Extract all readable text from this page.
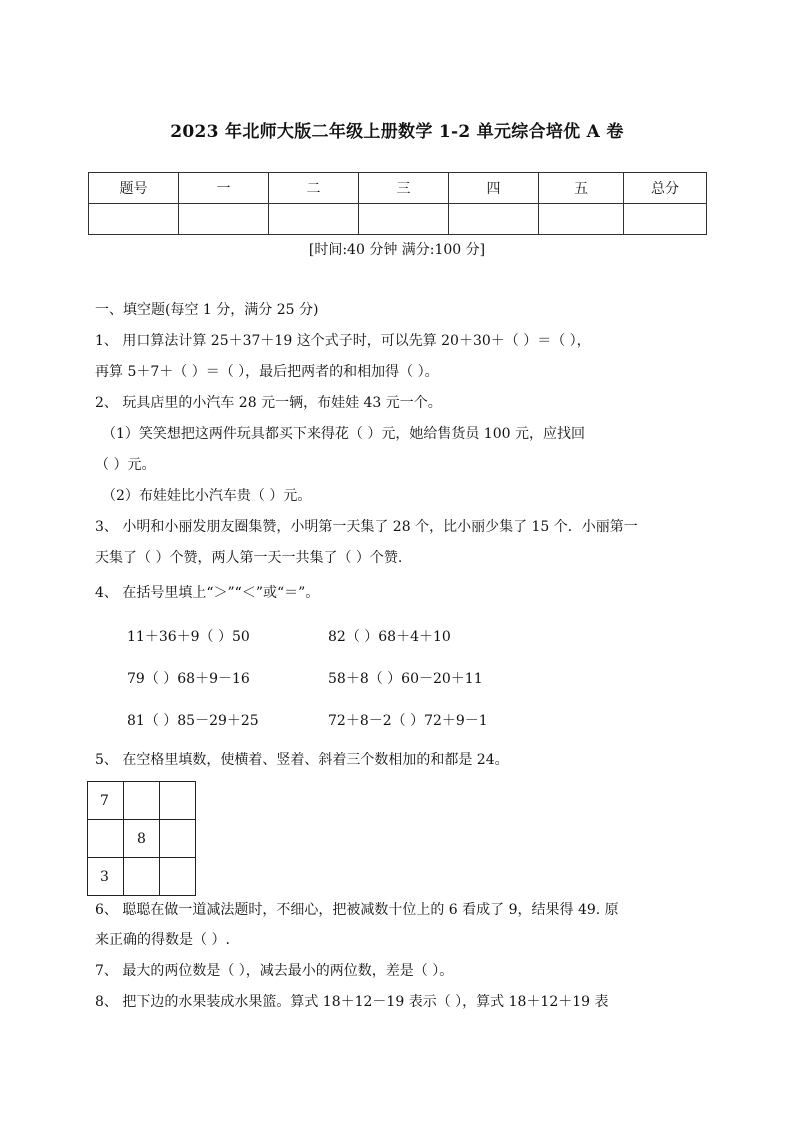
2023 年北师大版二年级上册数学 1-2 单元综合培优 A 卷
题号	一	二	三	四	五	总分

[时间:40 分钟 满分:100 分]
一、填空题(每空 1 分，满分 25 分)
1、 用口算法计算 25＋37＋19 这个式子时，可以先算 20＋30＋（ ）＝（ ），
再算 5＋7＋（ ）＝（ ），最后把两者的和相加得（ ）。
2、 玩具店里的小汽车 28 元一辆，布娃娃 43 元一个。
（1）笑笑想把这两件玩具都买下来得花（ ）元，她给售货员 100 元，应找回
（ ）元。
（2）布娃娃比小汽车贵（ ）元。
3、 小明和小丽发朋友圈集赞，小明第一天集了 28 个，比小丽少集了 15 个．小丽第一
天集了（ ）个赞，两人第一天一共集了（ ）个赞.
4、 在括号里填上“＞”“＜”或“＝”。
11＋36＋9（ ）50	82（ ）68＋4＋10
79（ ）68＋9－16	58＋8（ ）60－20＋11
81（ ）85－29＋25	72＋8－2（ ）72＋9－1
5、 在空格里填数，使横着、竖着、斜着三个数相加的和都是 24。
7		
	8	
3		
6、 聪聪在做一道减法题时，不细心，把被减数十位上的 6 看成了 9，结果得 49. 原
来正确的得数是（ ）.
7、 最大的两位数是（ ），减去最小的两位数，差是（ ）。
8、 把下边的水果装成水果篮。算式 18＋12－19 表示（ ），算式 18＋12＋19 表
